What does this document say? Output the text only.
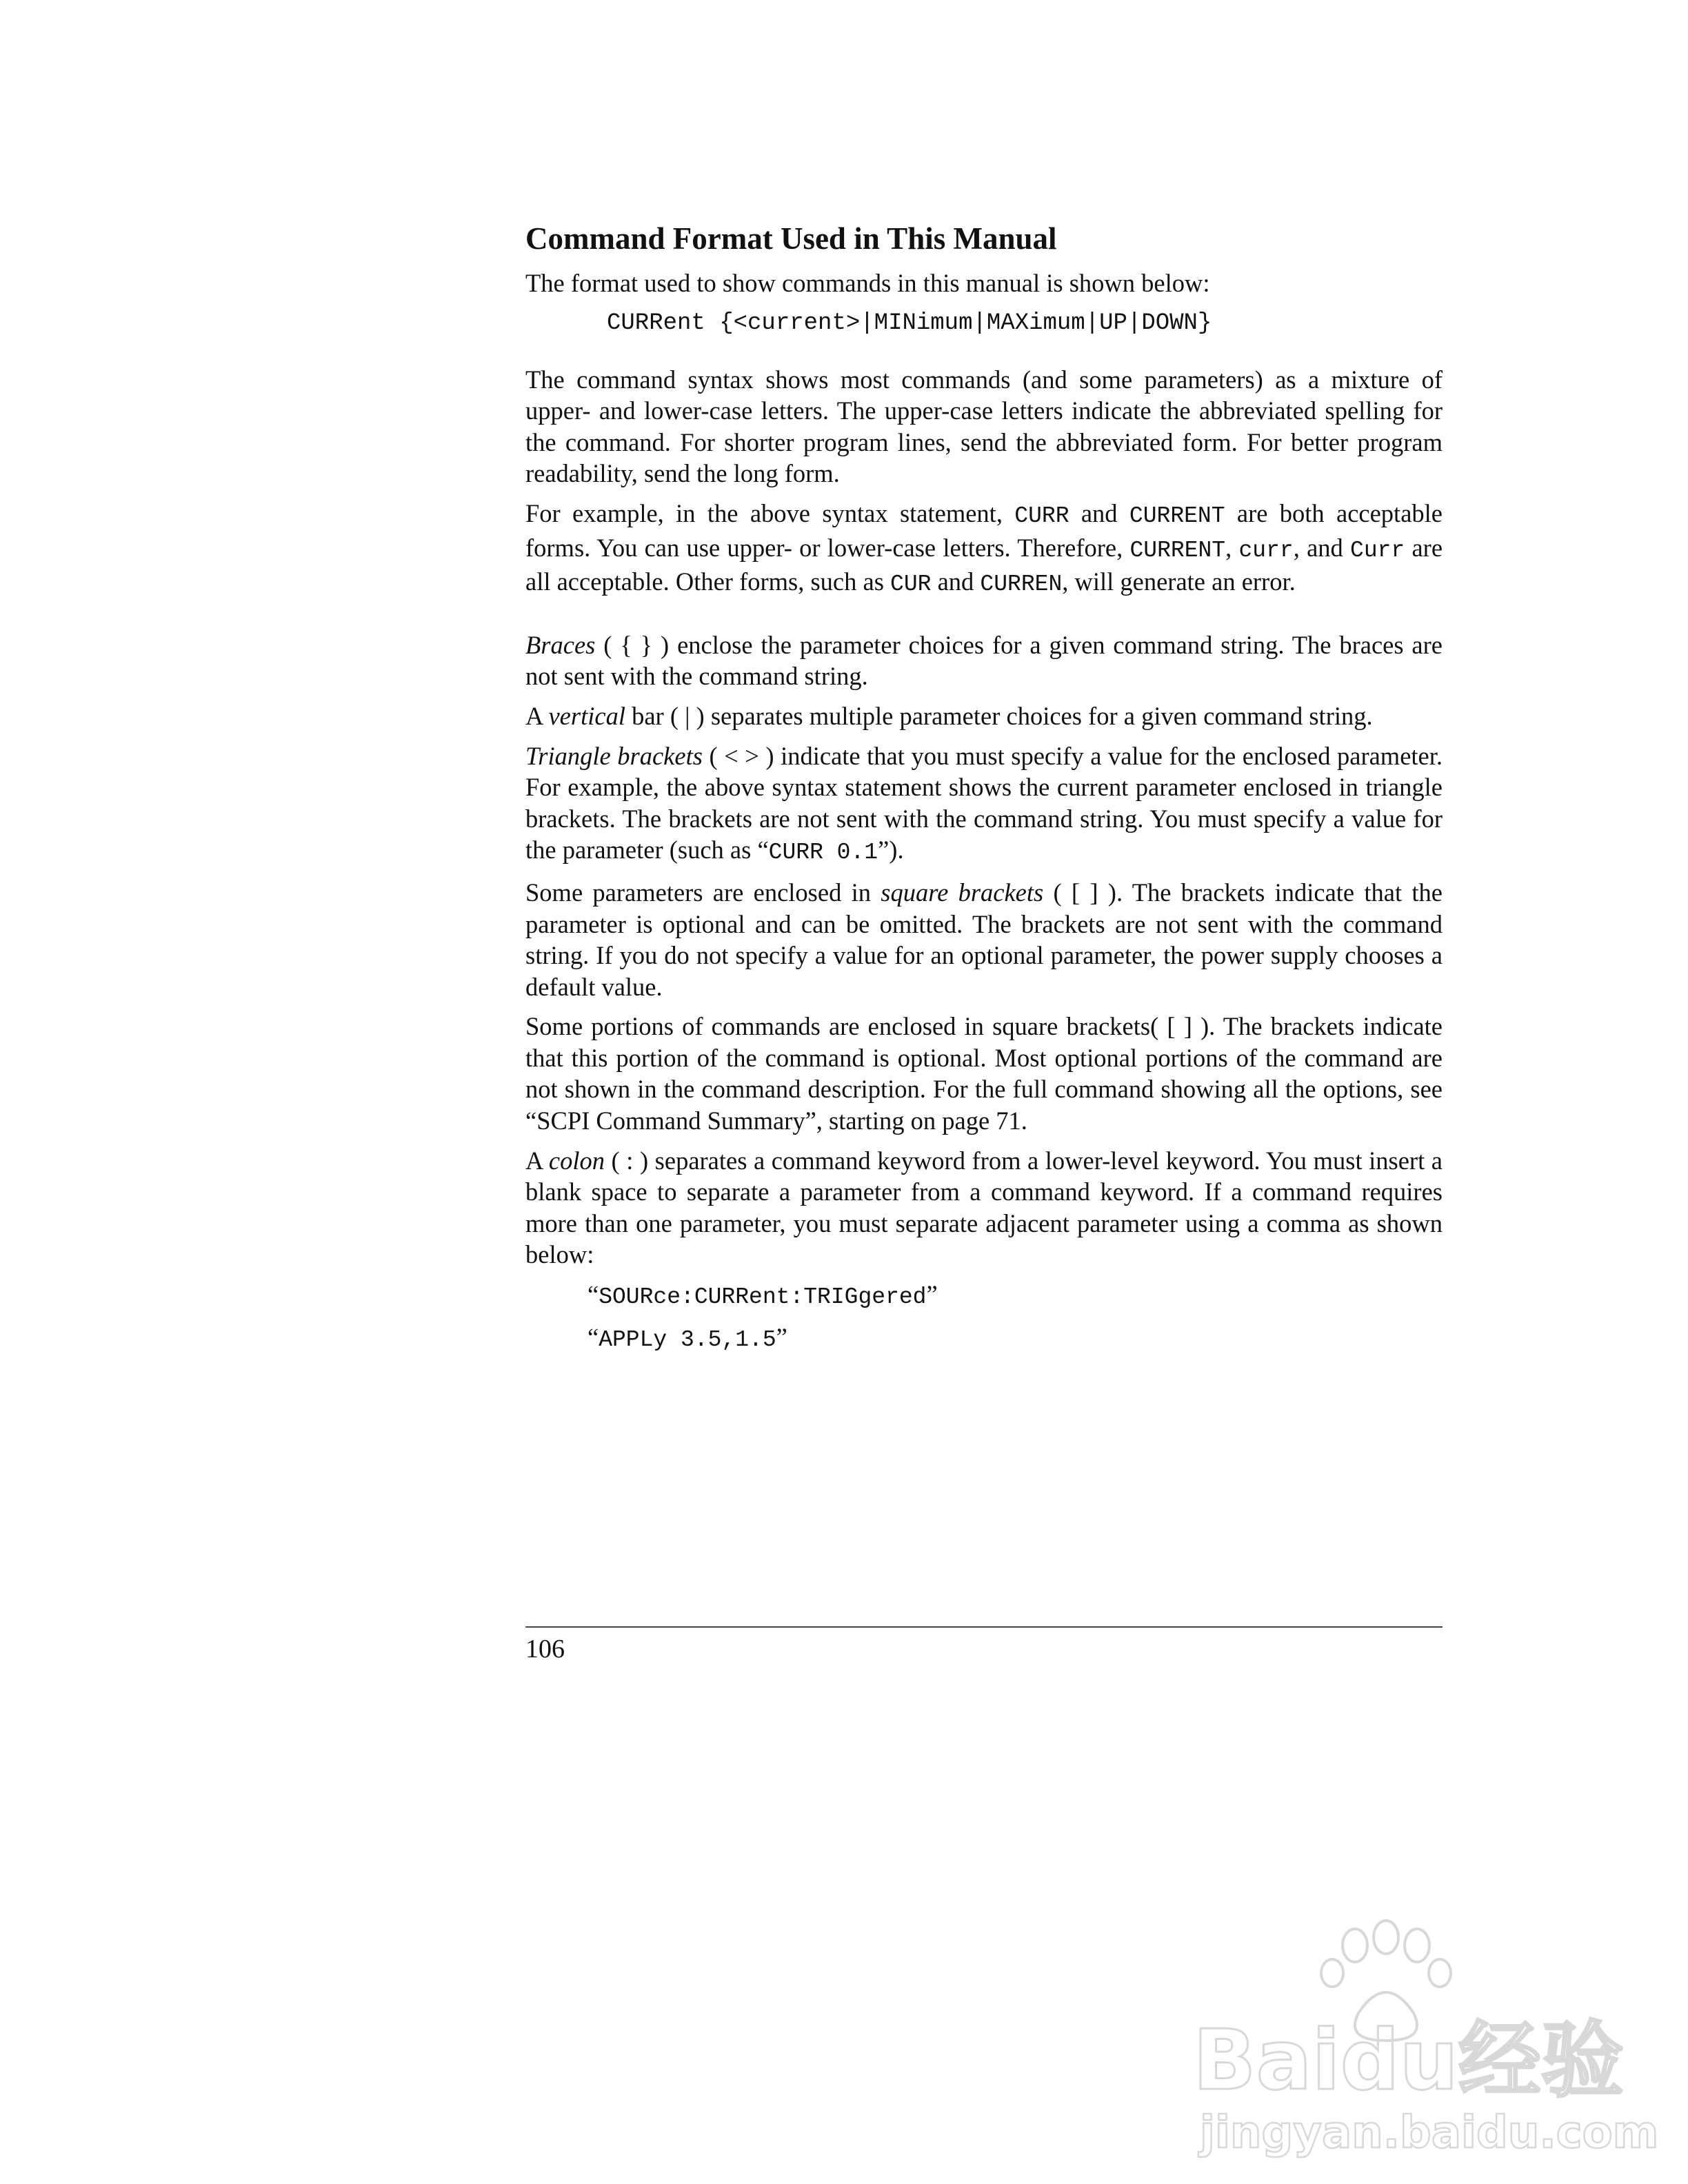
Command Format Used in This Manual

The format used to show commands in this manual is shown below:

CURRent {<current>|MINimum|MAXimum|UP|DOWN}

The command syntax shows most commands (and some parameters) as a mixture of upper- and lower-case letters. The upper-case letters indicate the abbreviated spelling for the command. For shorter program lines, send the abbreviated form. For better program readability, send the long form.

For example, in the above syntax statement, CURR and CURRENT are both acceptable forms. You can use upper- or lower-case letters. Therefore, CURRENT, curr, and Curr are all acceptable. Other forms, such as CUR and CURREN, will generate an error.

Braces ( { } ) enclose the parameter choices for a given command string. The braces are not sent with the command string.

A vertical bar ( | ) separates multiple parameter choices for a given command string.

Triangle brackets ( < > ) indicate that you must specify a value for the enclosed parameter. For example, the above syntax statement shows the current parameter enclosed in triangle brackets. The brackets are not sent with the command string. You must specify a value for the parameter (such as “CURR 0.1”).

Some parameters are enclosed in square brackets ( [ ] ). The brackets indicate that the parameter is optional and can be omitted. The brackets are not sent with the command string. If you do not specify a value for an optional parameter, the power supply chooses a default value.

Some portions of commands are enclosed in square brackets( [ ] ). The brackets indicate that this portion of the command is optional. Most optional portions of the command are not shown in the command description. For the full command showing all the options, see “SCPI Command Summary”, starting on page 71.

A colon ( : ) separates a command keyword from a lower-level keyword. You must insert a blank space to separate a parameter from a command keyword. If a command requires more than one parameter, you must separate adjacent parameter using a comma as shown below:

“SOURce:CURRent:TRIGgered”
“APPLy 3.5,1.5”
106
Baidu经验
jingyan.baidu.com
